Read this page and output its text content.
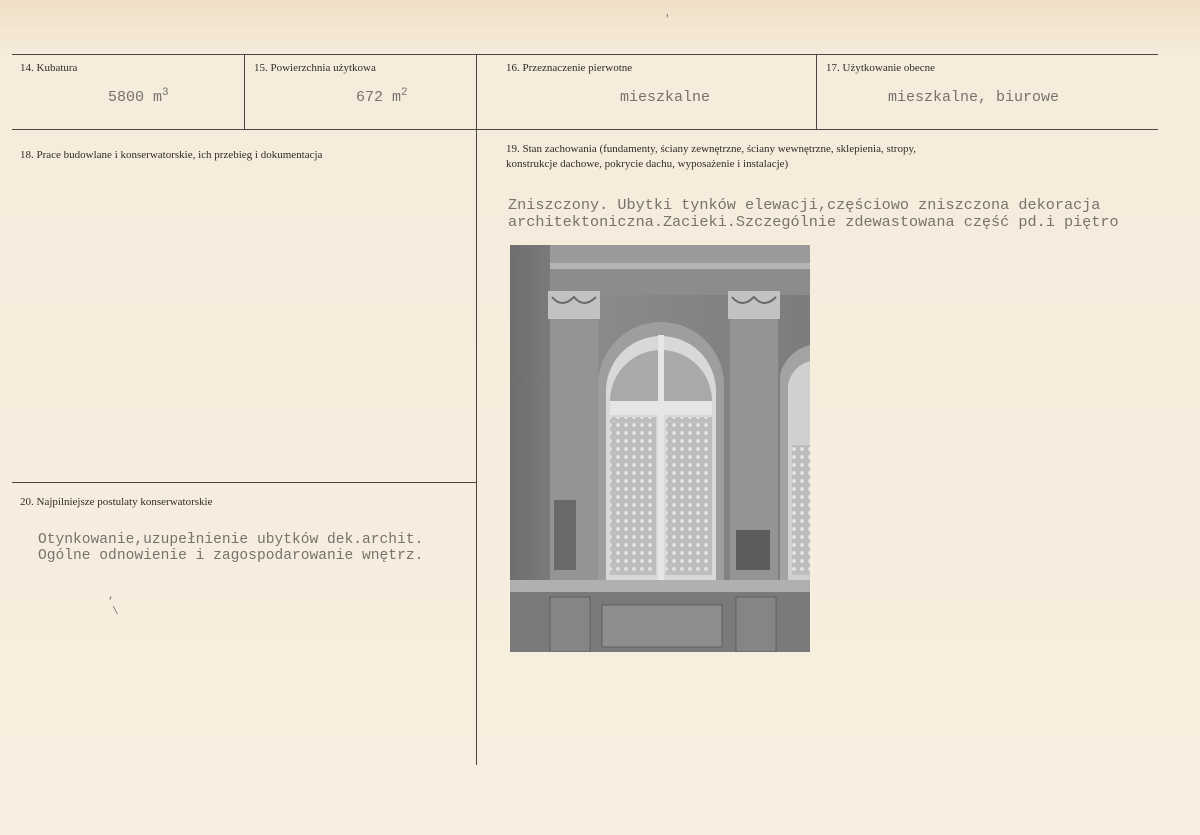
14. Kubatura
5800 $m^3$
15. Powierzchnia użytkowa
672 $m^2$
16. Przeznaczenie pierwotne
mieszkalne
17. Użytkowanie obecne
mieszkalne, biurowe
18. Prace budowlane i konserwatorskie, ich przebieg i dokumentacja	19. Stan zachowania (fundamenty, ściany zewnętrzne, ściany wewnętrzne, sklepienia, stropy,
konstrukcje dachowe, pokrycie dachu, wyposażenie i instalacje)
Zniszczony. Ubytki tynków elewacji,częściowo zniszczona dekoracja
architektoniczna.Zacieki.Szczególnie zdewastowana część pd.i piętro
20. Najpilniejsze postulaty konserwatorskie
Otynkowanie,uzupełnienie ubytków dek.archit.
Ogólne odnowienie i zagospodarowanie wnętrz.
,
\
'
